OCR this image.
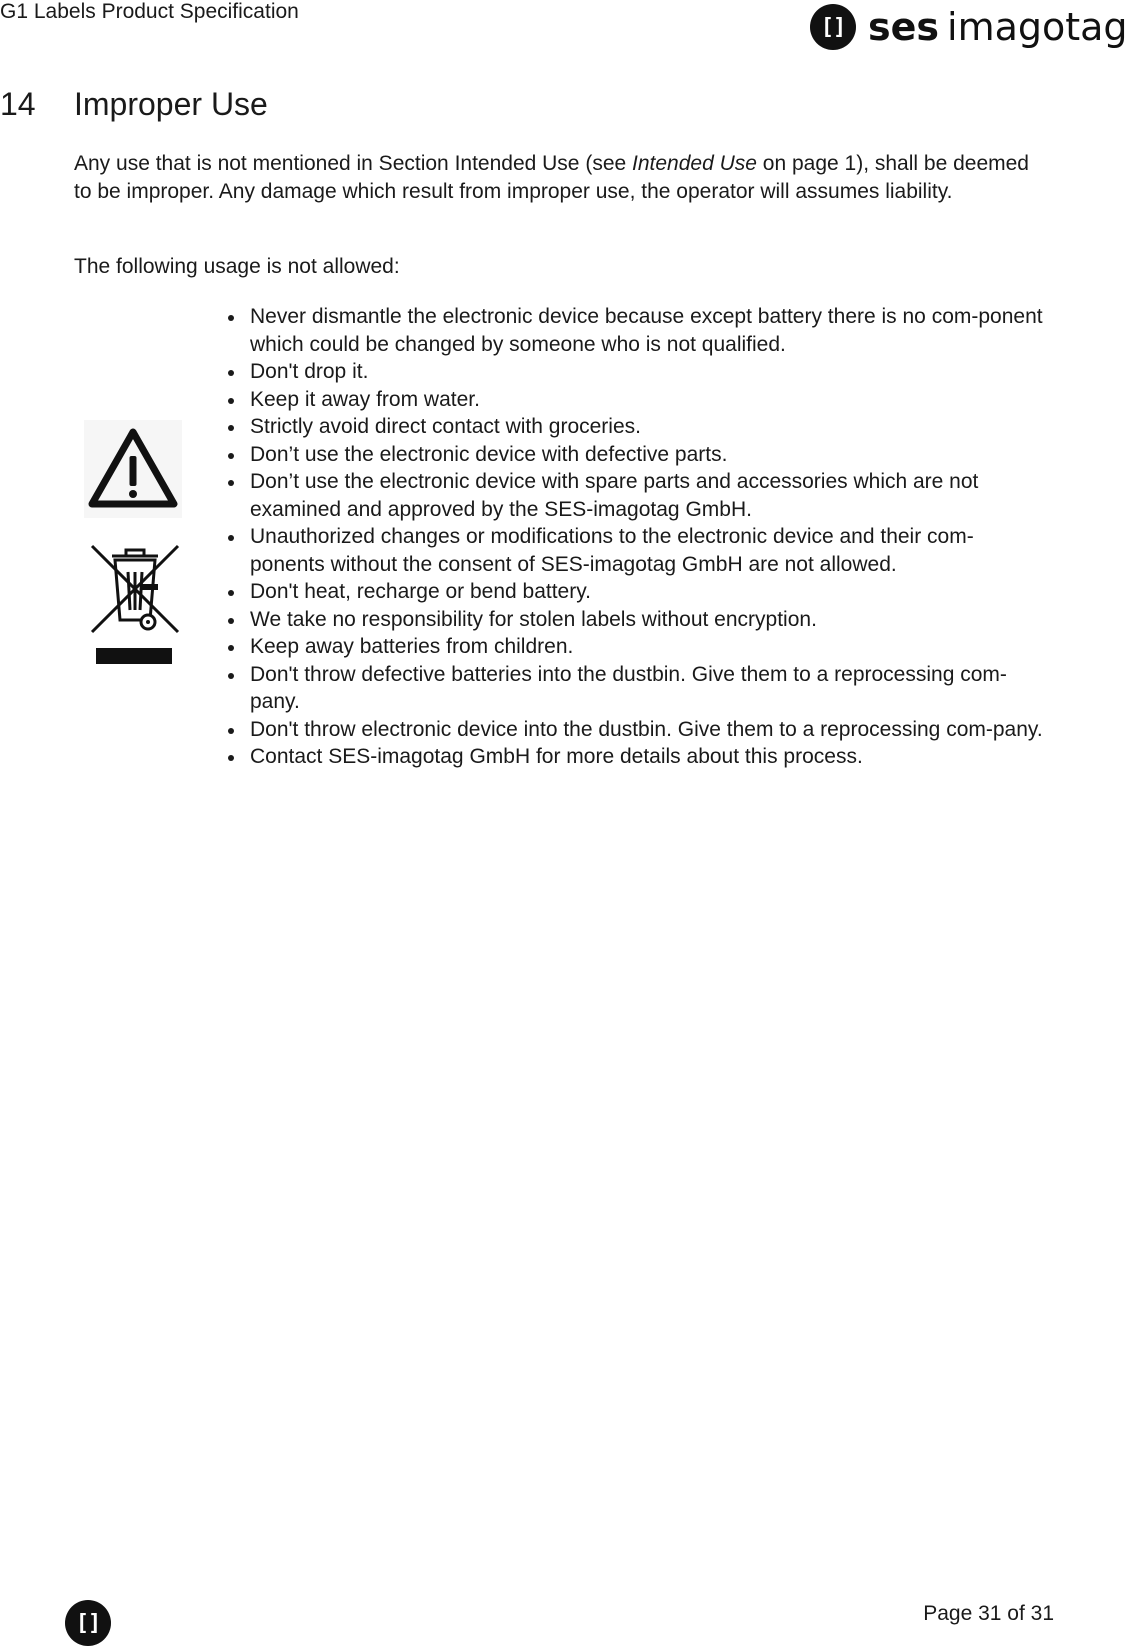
G1 Labels Product Specification
[] ses imagotag
14	Improper Use

Any use that is not mentioned in Section Intended Use (see Intended Use on page 1), shall be deemed to be improper. Any damage which result from improper use, the operator will assumes liability.

The following usage is not allowed:

Never dismantle the electronic device because except battery there is no com-ponent which could be changed by someone who is not qualified.
Don't drop it.
Keep it away from water.
Strictly avoid direct contact with groceries.
Don’t use the electronic device with defective parts.
Don’t use the electronic device with spare parts and accessories which are not examined and approved by the SES-imagotag GmbH.
Unauthorized changes or modifications to the electronic device and their com-ponents without the consent of SES-imagotag GmbH are not allowed.
Don't heat, recharge or bend battery.
We take no responsibility for stolen labels without encryption.
Keep away batteries from children.
Don't throw defective batteries into the dustbin. Give them to a reprocessing com-pany.
Don't throw electronic device into the dustbin. Give them to a reprocessing com-pany.
Contact SES-imagotag GmbH for more details about this process.
[]	Page 31 of 31
